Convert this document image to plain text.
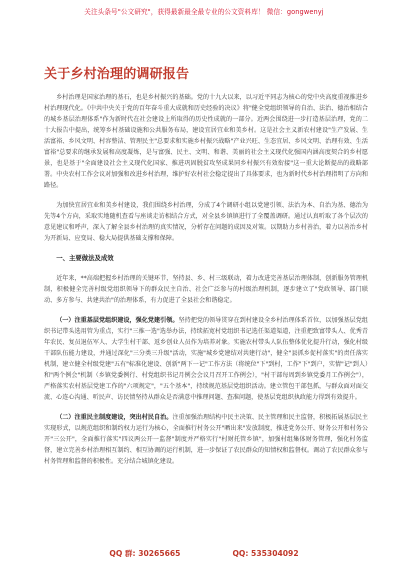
关注头条号"公文研究"，获得最新最全最专业的公文资料库！ 微信：gongwenyj
关于乡村治理的调研报告

乡村治理是国家治理的基石，也是乡村振兴的基础。党的十九大以来，以习近平同志为核心的党中央高度重视推进乡村治理现代化。《中共中央关于党的百年奋斗重大成就和历史经验的决议》将"健全党组织领导的自治、法治、德治相结合的城乡基层治理体系"作为新时代在社会建设上所取得的历史性成就的一部分。近两会围绕进一步打造基层治理，党的二十大报告中提出，统筹乡村基础设施和公共服务布局，建设宜居宜业和美乡村。这是社会主义新农村建设"生产发展、生活富裕、乡风文明、村容整洁、管理民主"总要求和实施乡村振兴战略"产业兴旺、生态宜居、乡风文明、治理有效、生活富裕"总要求的继承发展和高度凝炼，是与富强、民主、文明、和谐、美丽的社会主义现代化强国内涵高度契合的乡村愿景，也是基于"全面建设社会主义现代化国家、推进巩固脱贫攻坚成果同乡村振兴有效衔接"这一重大论断提出的战略部署。中央农村工作会议对加强和改进乡村治理，维护好农村社会稳定提出了具体要求，也为新时代乡村治理指明了方向和路径。

为加快宜居宜业和美乡村建设，我们围绕乡村治理，分成了4个调研小组以党建引领、法治为本、自治为基、德治为先等4个方向，采取实地随机查看与座谈走访相结合方式，对全县乡镇镇进行了全覆盖调研。通过认真听取了各个层次的意见建议和呼声，深入了解全县乡村治理的真实情况，分析存在问题的成因及对策。以期助力乡村善治，着力以善治乡村为开新局、应变局、稳大局提供基础支撑和保障。

一、主要做法及成效

近年来，**高端把握乡村治理的关键环节，坚持县、乡、村三级联动，着力改进完善基层治理体制，创新服务管理机制，积极健全完善村级党组织领导下的群众民主自治、社会广泛参与的村级治理机制，逐步建立了"党政领导、部门联动、多方参与、共建共治"的治理体系，有力促进了全县社会和谐稳定。

（一）注重基层党组织建设，强化党建引领。坚持把党的领导贯穿在到村建设全乡村治理体系首位，以加强基层党组织书记带头选用管为重点，实行"三推一选"选举办法，持续拓宽村党组织书记选任渠道渠道，注重把致富带头人、优秀青年农民、复员退伍军人、大学生村干部、返乡创业人员作为培养对象。实施农村带头人队伍整体优化提升行动，强化村级干部队伍能力建设，并通过深化"三分类三升级"活动，实施"城乡党建结对共建行动"，健全"县抓乡促村落实"的责任落实机制，建立健全村级党建"五有"标准化建设、创新"两下一记"工作方法（将统位"下"到村，工作"下"到户，实情"记"到人）和"两个例会"机制（乡镇党委例行、村党组织书记月例会会议月召开工作例会），"村干部每周到乡镇党委月工作例会"），严格落实农村基层党建工作的"六项规定"，"五个基本"，持续规范基层党组织活动。建立管包干部包抓，与群众面对面交流、心连心沟通、听民声、访民情坚持从群众是否满意中推理问题、查准问题，使基层党组织执政能力得到有效提升。

（二）注重民主制度建设，突出村民自治。注重加强治理结构中民主决策、民主管理和民主监督，积极拓展基层民主实现形式，以规范组织和制约权力运行为核心，全面推行村务公开"晒出来"发放制度，推进党务公开、财务公开和村务公开"三公开"，全面推行落实"四议两公开一监督"制度并严格实行"村财托管乡镇"，加强村组集体财务管理，强化村务监督，建立完善乡村治理相互制约、相互协调的运行机制，进一步保证了农民群众的知情权和监督权。调动了农民群众参与村务管理和监督的积极性。充分结合城镇化建设。

QQ 群: 30265665	QQ: 535304092
